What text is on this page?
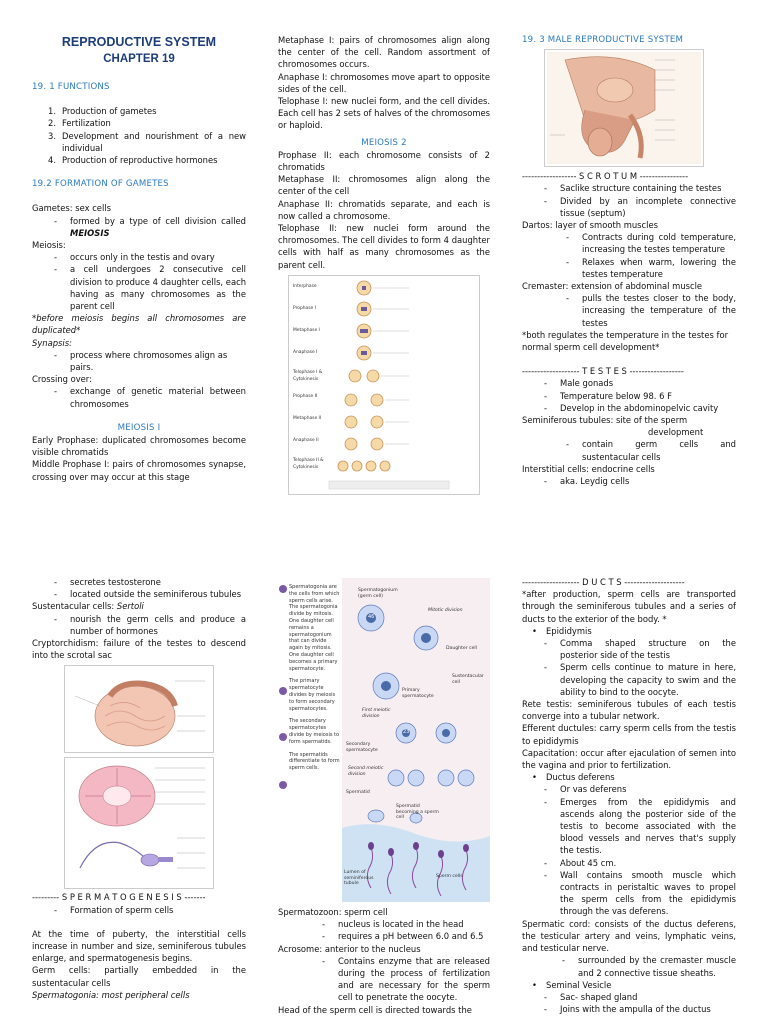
REPRODUCTIVE SYSTEM
CHAPTER 19
19. 1 FUNCTIONS
1. Production of gametes
2. Fertilization
3. Development and nourishment of a new individual
4. Production of reproductive hormones
19.2 FORMATION OF GAMETES
Gametes: sex cells
- formed by a type of cell division called MEIOSIS
Meiosis:
- occurs only in the testis and ovary
- a cell undergoes 2 consecutive cell division to produce 4 daughter cells, each having as many chromosomes as the parent cell
*before meiosis begins all chromosomes are duplicated*
Synapsis:
- process where chromosomes align as pairs.
Crossing over:
- exchange of genetic material between chromosomes
MEIOSIS I
Early Prophase: duplicated chromosomes become visible chromatids
Middle Prophase I: pairs of chromosomes synapse, crossing over may occur at this stage
Metaphase I: pairs of chromosomes align along the center of the cell. Random assortment of chromosomes occurs.
Anaphase I: chromosomes move apart to opposite sides of the cell.
Telophase I: new nuclei form, and the cell divides. Each cell has 2 sets of halves of the chromosomes or haploid.
MEIOSIS 2
Prophase II: each chromosome consists of 2 chromatids
Metaphase II: chromosomes align along the center of the cell
Anaphase II: chromatids separate, and each is now called a chromosome.
Telophase II: new nuclei form around the chromosomes. The cell divides to form 4 daughter cells with half as many chromosomes as the parent cell.
Interphase
Prophase I
Metaphase I
Anaphase I
Telophase I & Cytokinesis
Prophase II
Metaphase II
Anaphase II
Telophase II & Cytokinesis
19. 3 MALE REPRODUCTIVE SYSTEM
------------------ S C R O T U M ----------------
- Saclike structure containing the testes
- Divided by an incomplete connective tissue (septum)
Dartos: layer of smooth muscles
- Contracts during cold temperature, increasing the testes temperature
- Relaxes when warm, lowering the testes temperature
Cremaster: extension of abdominal muscle
- pulls the testes closer to the body, increasing the temperature of the testes
*both regulates the temperature in the testes for normal sperm cell development*
------------------- T E S T E S ------------------
- Male gonads
- Temperature below 98. 6 F
- Develop in the abdominopelvic cavity
Seminiferous tubules: site of the sperm
development
- contain germ cells and sustentacular cells
Interstitial cells: endocrine cells
- aka. Leydig cells
- secretes testosterone
- located outside the seminiferous tubules
Sustentacular cells: Sertoli
- nourish the germ cells and produce a number of hormones
Cryptorchidism: failure of the testes to descend into the scrotal sac
--------- S P E R M A T O G E N E S I S -------
- Formation of sperm cells
At the time of puberty, the interstitial cells increase in number and size, seminiferous tubules enlarge, and spermatogenesis begins.
Germ cells: partially embedded in the sustentacular cells
Spermatogonia: most peripheral cells
Spermatogonia are the cells from which sperm cells arise. The spermatogonia divide by mitosis. One daughter cell remains a spermatogonium that can divide again by mitosis. One daughter cell becomes a primary spermatocyte.
The primary spermatocyte divides by meiosis to form secondary spermatocytes.
The secondary spermatocytes divide by meiosis to form spermatids.
The spermatids differentiate to form sperm cells.
Spermatogonium (germ cell)
Mitotic division
Daughter cell
Sustentacular cell
Primary spermatocyte
First meiotic division
Secondary spermatocyte
Second meiotic division
Spermatid
Spermatid becoming a sperm cell
Lumen of seminiferous tubule
Sperm cells
46
23
Spermatozoon: sperm cell
- nucleus is located in the head
- requires a pH between 6.0 and 6.5
Acrosome: anterior to the nucleus
- Contains enzyme that are released during the process of fertilization and are necessary for the sperm cell to penetrate the oocyte.
Head of the sperm cell is directed towards the
------------------- D U C T S --------------------
*after production, sperm cells are transported through the seminiferous tubules and a series of ducts to the exterior of the body. *
• Epididymis
- Comma shaped structure on the posterior side of the testis
- Sperm cells continue to mature in here, developing the capacity to swim and the ability to bind to the oocyte.
Rete testis: seminiferous tubules of each testis converge into a tubular network.
Efferent ductules: carry sperm cells from the testis to epididymis
Capacitation: occur after ejaculation of semen into the vagina and prior to fertilization.
• Ductus deferens
- Or vas deferens
- Emerges from the epididymis and ascends along the posterior side of the testis to become associated with the blood vessels and nerves that's supply the testis.
- About 45 cm.
- Wall contains smooth muscle which contracts in peristaltic waves to propel the sperm cells from the epididymis through the vas deferens.
Spermatic cord: consists of the ductus deferens, the testicular artery and veins, lymphatic veins, and testicular nerve.
- surrounded by the cremaster muscle and 2 connective tissue sheaths.
• Seminal Vesicle
- Sac- shaped gland
- Joins with the ampulla of the ductus
